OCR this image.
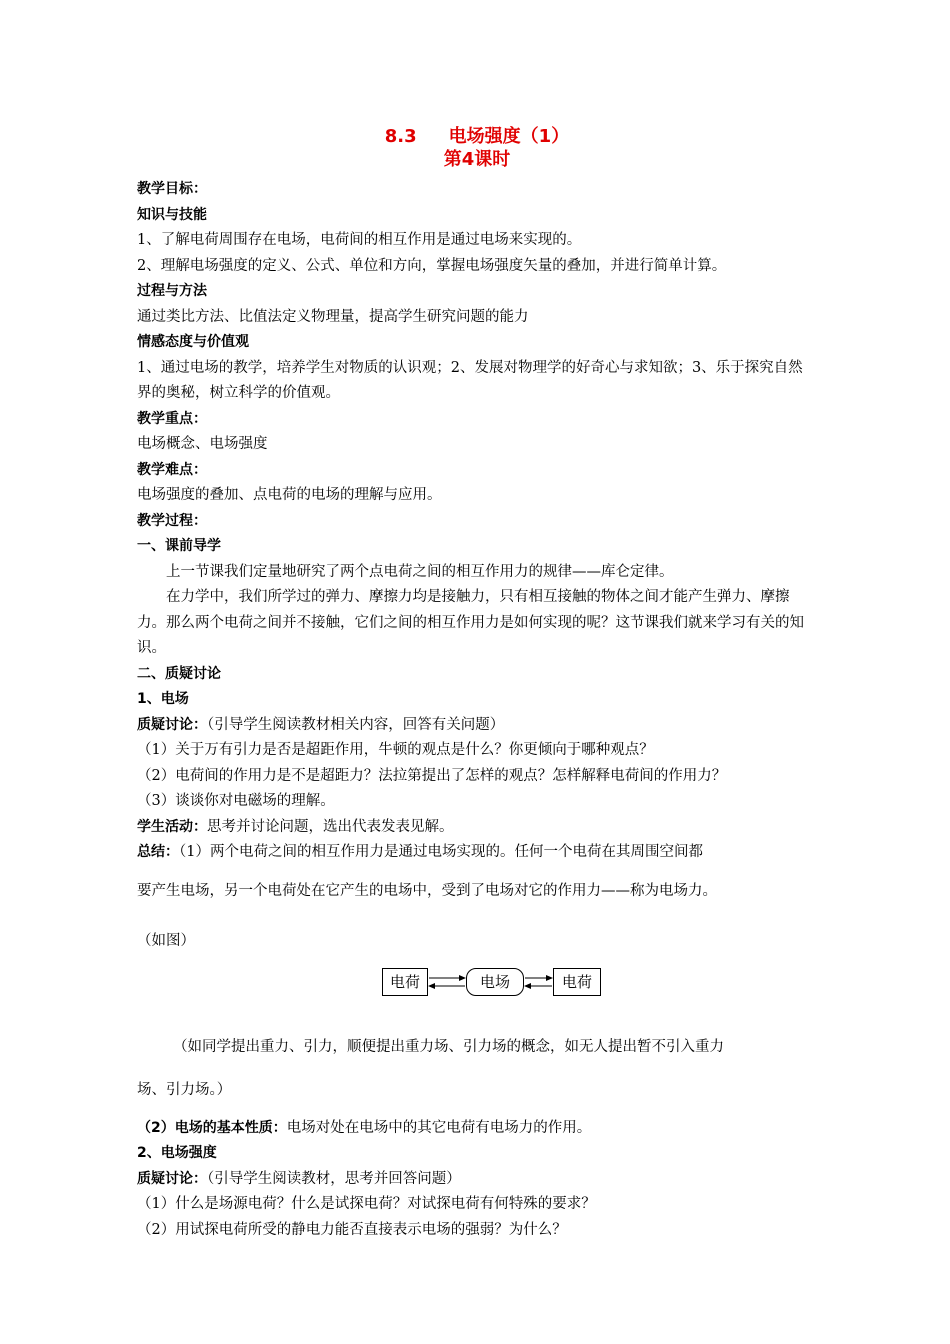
8.3 电场强度（1）
第4课时
教学目标：
知识与技能
1、了解电荷周围存在电场，电荷间的相互作用是通过电场来实现的。
2、理解电场强度的定义、公式、单位和方向，掌握电场强度矢量的叠加，并进行简单计算。
过程与方法
通过类比方法、比值法定义物理量，提高学生研究问题的能力
情感态度与价值观
1、通过电场的教学，培养学生对物质的认识观；2、发展对物理学的好奇心与求知欲；3、乐于探究自然界的奥秘，树立科学的价值观。
教学重点：
电场概念、电场强度
教学难点：
电场强度的叠加、点电荷的电场的理解与应用。
教学过程：
一、课前导学
上一节课我们定量地研究了两个点电荷之间的相互作用力的规律——库仑定律。
在力学中，我们所学过的弹力、摩擦力均是接触力，只有相互接触的物体之间才能产生弹力、摩擦力。那么两个电荷之间并不接触，它们之间的相互作用力是如何实现的呢？这节课我们就来学习有关的知识。
二、质疑讨论
1、电场
质疑讨论：（引导学生阅读教材相关内容，回答有关问题）
（1）关于万有引力是否是超距作用，牛顿的观点是什么？你更倾向于哪种观点？
（2）电荷间的作用力是不是超距力？法拉第提出了怎样的观点？怎样解释电荷间的作用力？
（3）谈谈你对电磁场的理解。
学生活动：思考并讨论问题，选出代表发表见解。
总结：（1）两个电荷之间的相互作用力是通过电场实现的。任何一个电荷在其周围空间都
要产生电场，另一个电荷处在它产生的电场中，受到了电场对它的作用力——称为电场力。
（如图）
电荷	电场	电荷
（如同学提出重力、引力，顺便提出重力场、引力场的概念，如无人提出暂不引入重力
场、引力场。）
（2）电场的基本性质：电场对处在电场中的其它电荷有电场力的作用。
2、电场强度
质疑讨论：（引导学生阅读教材，思考并回答问题）
（1）什么是场源电荷？什么是试探电荷？对试探电荷有何特殊的要求？
（2）用试探电荷所受的静电力能否直接表示电场的强弱？为什么？
